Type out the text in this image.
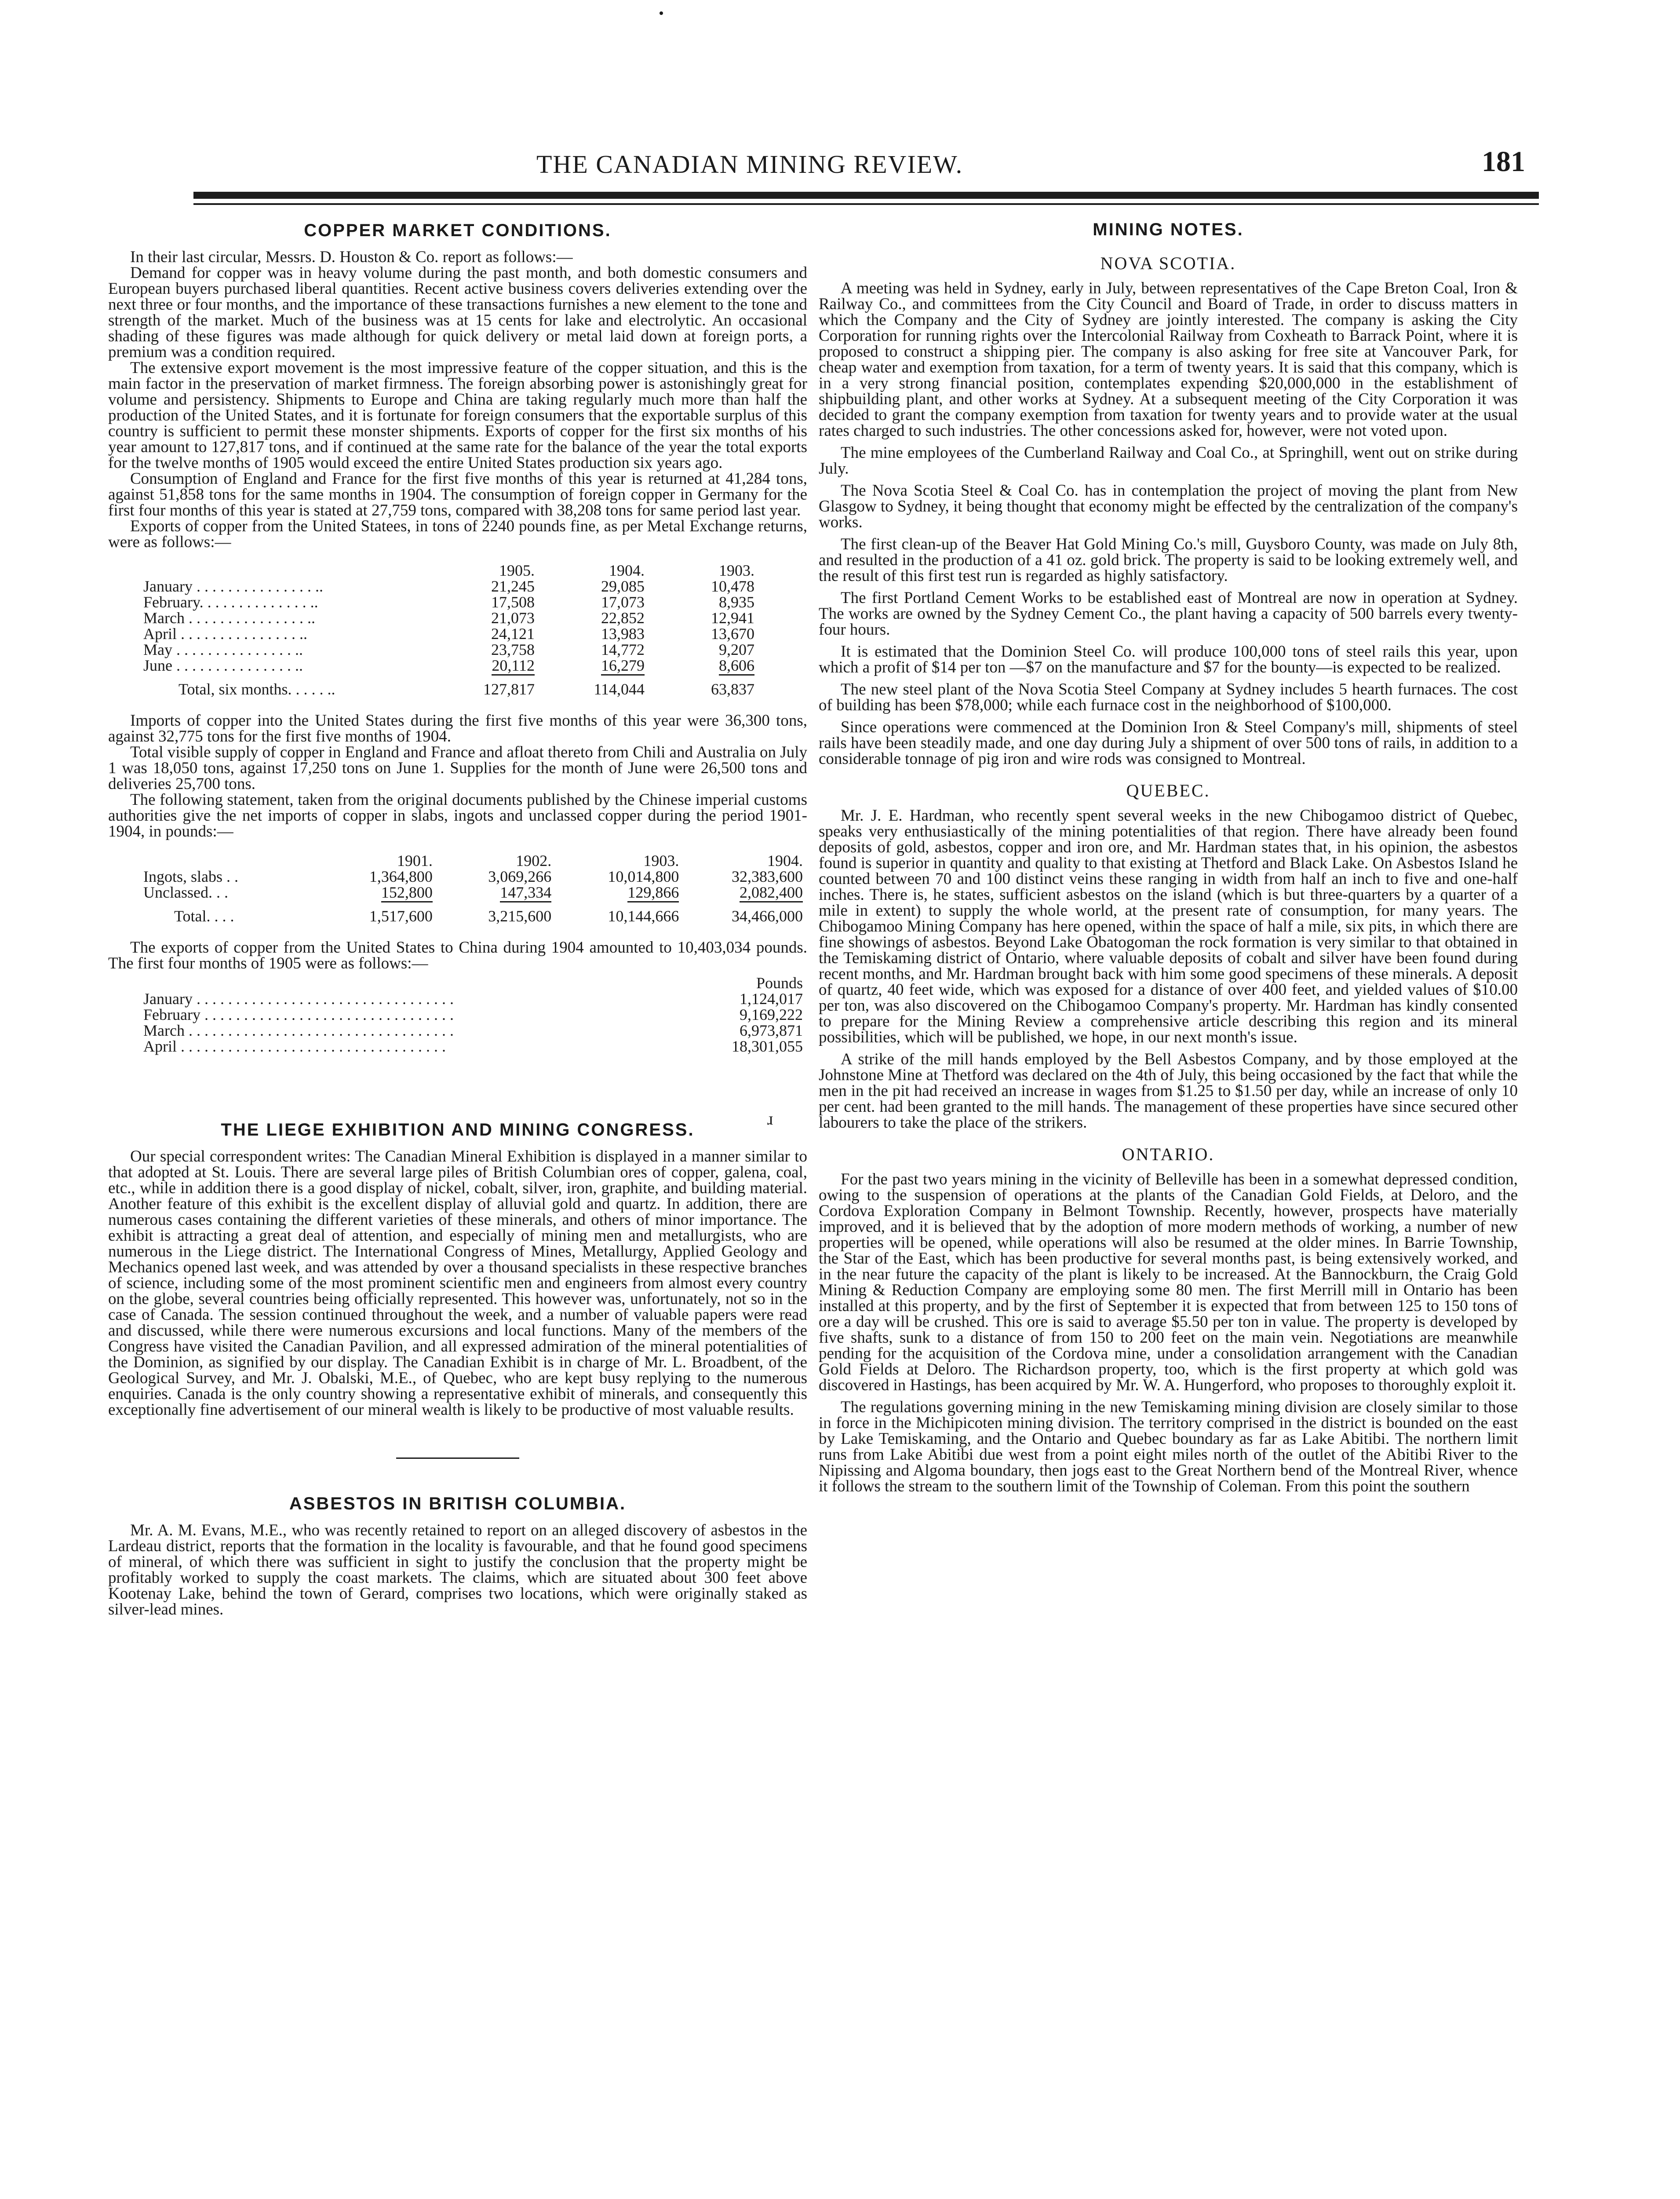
THE CANADIAN MINING REVIEW.	181

COPPER MARKET CONDITIONS.

In their last circular, Messrs. D. Houston & Co. report as follows:—

Demand for copper was in heavy volume during the past month, and both domestic consumers and European buyers purchased liberal quantities. Recent active business covers deliveries extending over the next three or four months, and the importance of these transactions furnishes a new element to the tone and strength of the market. Much of the business was at 15 cents for lake and electrolytic. An occasional shading of these figures was made although for quick delivery or metal laid down at foreign ports, a premium was a condition required.

The extensive export movement is the most impressive feature of the copper situation, and this is the main factor in the preservation of market firmness. The foreign absorbing power is astonishingly great for volume and persistency. Shipments to Europe and China are taking regularly much more than half the production of the United States, and it is fortunate for foreign consumers that the exportable surplus of this country is sufficient to permit these monster shipments. Exports of copper for the first six months of his year amount to 127,817 tons, and if continued at the same rate for the balance of the year the total exports for the twelve months of 1905 would exceed the entire United States production six years ago.

Consumption of England and France for the first five months of this year is returned at 41,284 tons, against 51,858 tons for the same months in 1904. The consumption of foreign copper in Germany for the first four months of this year is stated at 27,759 tons, compared with 38,208 tons for same period last year.

Exports of copper from the United Statees, in tons of 2240 pounds fine, as per Metal Exchange returns, were as follows:—

	1905.	1904.	1903.
January . . . . . . . . . . . . . . . ..	21,245	29,085	10,478
February. . . . . . . . . . . . . . ..	17,508	17,073	8,935
March . . . . . . . . . . . . . . . ..	21,073	22,852	12,941
April . . . . . . . . . . . . . . . ..	24,121	13,983	13,670
May . . . . . . . . . . . . . . . ..	23,758	14,772	9,207
June . . . . . . . . . . . . . . . ..	20,112	16,279	8,606
Total, six months. . . . . ..	127,817	114,044	63,837

Imports of copper into the United States during the first five months of this year were 36,300 tons, against 32,775 tons for the first five months of 1904.

Total visible supply of copper in England and France and afloat thereto from Chili and Australia on July 1 was 18,050 tons, against 17,250 tons on June 1. Supplies for the month of June were 26,500 tons and deliveries 25,700 tons.

The following statement, taken from the original documents published by the Chinese imperial customs authorities give the net imports of copper in slabs, ingots and unclassed copper during the period 1901-1904, in pounds:—

	1901.	1902.	1903.	1904.
Ingots, slabs . .	1,364,800	3,069,266	10,014,800	32,383,600
Unclassed. . .	152,800	147,334	129,866	2,082,400
Total. . . .	1,517,600	3,215,600	10,144,666	34,466,000

The exports of copper from the United States to China during 1904 amounted to 10,403,034 pounds. The first four months of 1905 were as follows:—

	Pounds
January . . . . . . . . . . . . . . . . . . . . . . . . . . . . . . . . .	1,124,017
February . . . . . . . . . . . . . . . . . . . . . . . . . . . . . . . .	9,169,222
March . . . . . . . . . . . . . . . . . . . . . . . . . . . . . . . . . .	6,973,871
April . . . . . . . . . . . . . . . . . . . . . . . . . . . . . . . . . .	18,301,055

THE LIEGE EXHIBITION AND MINING CONGRESS.

Our special correspondent writes: The Canadian Mineral Exhibition is displayed in a manner similar to that adopted at St. Louis. There are several large piles of British Columbian ores of copper, galena, coal, etc., while in addition there is a good display of nickel, cobalt, silver, iron, graphite, and building material. Another feature of this exhibit is the excellent display of alluvial gold and quartz. In addition, there are numerous cases containing the different varieties of these minerals, and others of minor importance. The exhibit is attracting a great deal of attention, and especially of mining men and metallurgists, who are numerous in the Liege district. The International Congress of Mines, Metallurgy, Applied Geology and Mechanics opened last week, and was attended by over a thousand specialists in these respective branches of science, including some of the most prominent scientific men and engineers from almost every country on the globe, several countries being officially represented. This however was, unfortunately, not so in the case of Canada. The session continued throughout the week, and a number of valuable papers were read and discussed, while there were numerous excursions and local functions. Many of the members of the Congress have visited the Canadian Pavilion, and all expressed admiration of the mineral potentialities of the Dominion, as signified by our display. The Canadian Exhibit is in charge of Mr. L. Broadbent, of the Geological Survey, and Mr. J. Obalski, M.E., of Quebec, who are kept busy replying to the numerous enquiries. Canada is the only country showing a representative exhibit of minerals, and consequently this exceptionally fine advertisement of our mineral wealth is likely to be productive of most valuable results.

ASBESTOS IN BRITISH COLUMBIA.

Mr. A. M. Evans, M.E., who was recently retained to report on an alleged discovery of asbestos in the Lardeau district, reports that the formation in the locality is favourable, and that he found good specimens of mineral, of which there was sufficient in sight to justify the conclusion that the property might be profitably worked to supply the coast markets. The claims, which are situated about 300 feet above Kootenay Lake, behind the town of Gerard, comprises two locations, which were originally staked as silver-lead mines.

ɹ

MINING NOTES.

NOVA SCOTIA.

A meeting was held in Sydney, early in July, between representatives of the Cape Breton Coal, Iron & Railway Co., and committees from the City Council and Board of Trade, in order to discuss matters in which the Company and the City of Sydney are jointly interested. The company is asking the City Corporation for running rights over the Intercolonial Railway from Coxheath to Barrack Point, where it is proposed to construct a shipping pier. The company is also asking for free site at Vancouver Park, for cheap water and exemption from taxation, for a term of twenty years. It is said that this company, which is in a very strong financial position, contemplates expending $20,000,000 in the establishment of shipbuilding plant, and other works at Sydney. At a subsequent meeting of the City Corporation it was decided to grant the company exemption from taxation for twenty years and to provide water at the usual rates charged to such industries. The other concessions asked for, however, were not voted upon.

The mine employees of the Cumberland Railway and Coal Co., at Springhill, went out on strike during July.

The Nova Scotia Steel & Coal Co. has in contemplation the project of moving the plant from New Glasgow to Sydney, it being thought that economy might be effected by the centralization of the company's works.

The first clean-up of the Beaver Hat Gold Mining Co.'s mill, Guysboro County, was made on July 8th, and resulted in the production of a 41 oz. gold brick. The property is said to be looking extremely well, and the result of this first test run is regarded as highly satisfactory.

The first Portland Cement Works to be established east of Montreal are now in operation at Sydney. The works are owned by the Sydney Cement Co., the plant having a capacity of 500 barrels every twenty-four hours.

It is estimated that the Dominion Steel Co. will produce 100,000 tons of steel rails this year, upon which a profit of $14 per ton —$7 on the manufacture and $7 for the bounty—is expected to be realized.

The new steel plant of the Nova Scotia Steel Company at Sydney includes 5 hearth furnaces. The cost of building has been $78,000; while each furnace cost in the neighborhood of $100,000.

Since operations were commenced at the Dominion Iron & Steel Company's mill, shipments of steel rails have been steadily made, and one day during July a shipment of over 500 tons of rails, in addition to a considerable tonnage of pig iron and wire rods was consigned to Montreal.

QUEBEC.

Mr. J. E. Hardman, who recently spent several weeks in the new Chibogamoo district of Quebec, speaks very enthusiastically of the mining potentialities of that region. There have already been found deposits of gold, asbestos, copper and iron ore, and Mr. Hardman states that, in his opinion, the asbestos found is superior in quantity and quality to that existing at Thetford and Black Lake. On Asbestos Island he counted between 70 and 100 distinct veins these ranging in width from half an inch to five and one-half inches. There is, he states, sufficient asbestos on the island (which is but three-quarters by a quarter of a mile in extent) to supply the whole world, at the present rate of consumption, for many years. The Chibogamoo Mining Company has here opened, within the space of half a mile, six pits, in which there are fine showings of asbestos. Beyond Lake Obatogoman the rock formation is very similar to that obtained in the Temiskaming district of Ontario, where valuable deposits of cobalt and silver have been found during recent months, and Mr. Hardman brought back with him some good specimens of these minerals. A deposit of quartz, 40 feet wide, which was exposed for a distance of over 400 feet, and yielded values of $10.00 per ton, was also discovered on the Chibogamoo Company's property. Mr. Hardman has kindly consented to prepare for the Mining Review a comprehensive article describing this region and its mineral possibilities, which will be published, we hope, in our next month's issue.

A strike of the mill hands employed by the Bell Asbestos Company, and by those employed at the Johnstone Mine at Thetford was declared on the 4th of July, this being occasioned by the fact that while the men in the pit had received an increase in wages from $1.25 to $1.50 per day, while an increase of only 10 per cent. had been granted to the mill hands. The management of these properties have since secured other labourers to take the place of the strikers.

ONTARIO.

For the past two years mining in the vicinity of Belleville has been in a somewhat depressed condition, owing to the suspension of operations at the plants of the Canadian Gold Fields, at Deloro, and the Cordova Exploration Company in Belmont Township. Recently, however, prospects have materially improved, and it is believed that by the adoption of more modern methods of working, a number of new properties will be opened, while operations will also be resumed at the older mines. In Barrie Township, the Star of the East, which has been productive for several months past, is being extensively worked, and in the near future the capacity of the plant is likely to be increased. At the Bannockburn, the Craig Gold Mining & Reduction Company are employing some 80 men. The first Merrill mill in Ontario has been installed at this property, and by the first of September it is expected that from between 125 to 150 tons of ore a day will be crushed. This ore is said to average $5.50 per ton in value. The property is developed by five shafts, sunk to a distance of from 150 to 200 feet on the main vein. Negotiations are meanwhile pending for the acquisition of the Cordova mine, under a consolidation arrangement with the Canadian Gold Fields at Deloro. The Richardson property, too, which is the first property at which gold was discovered in Hastings, has been acquired by Mr. W. A. Hungerford, who proposes to thoroughly exploit it.

The regulations governing mining in the new Temiskaming mining division are closely similar to those in force in the Michipicoten mining division. The territory comprised in the district is bounded on the east by Lake Temiskaming, and the Ontario and Quebec boundary as far as Lake Abitibi. The northern limit runs from Lake Abitibi due west from a point eight miles north of the outlet of the Abitibi River to the Nipissing and Algoma boundary, then jogs east to the Great Northern bend of the Montreal River, whence it follows the stream to the southern limit of the Township of Coleman. From this point the southern
